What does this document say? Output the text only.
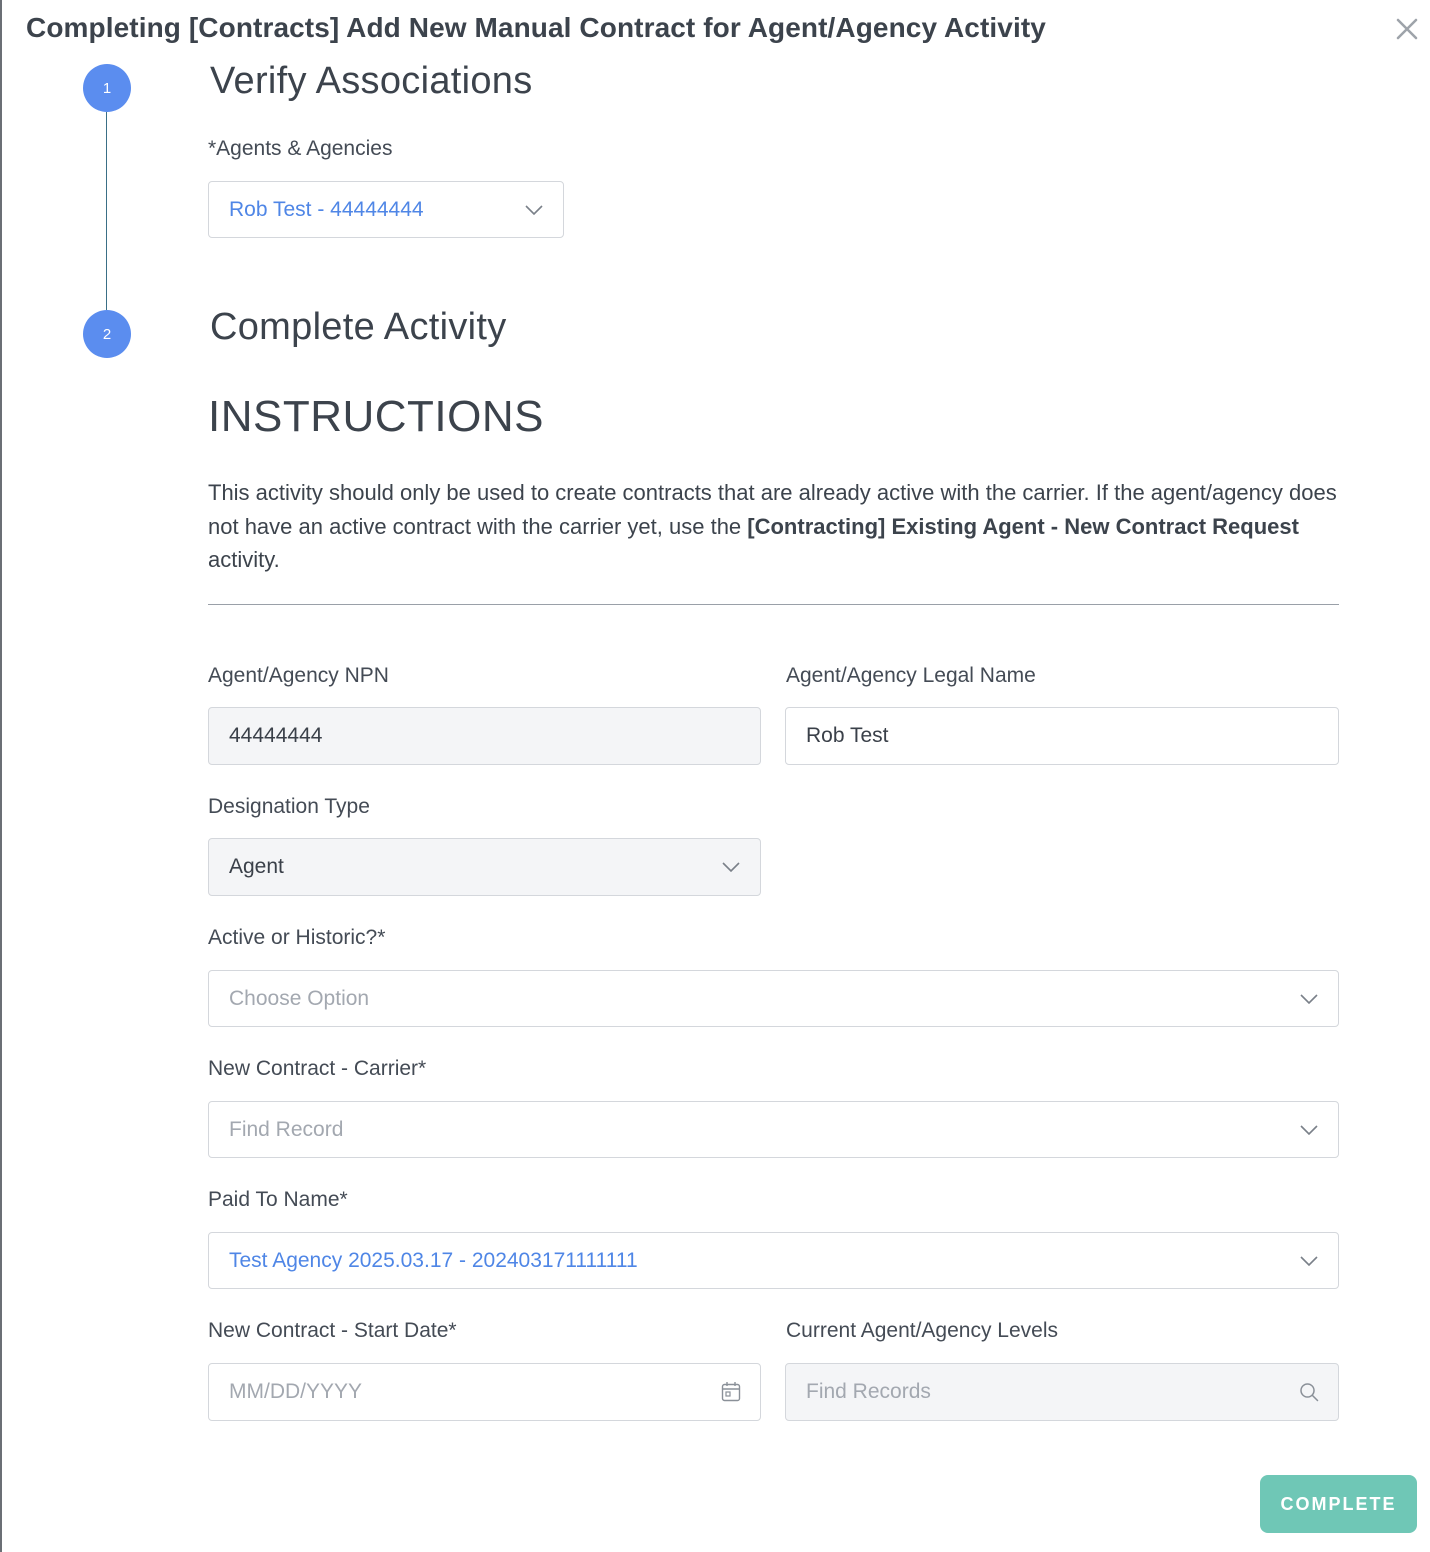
Completing [Contracts] Add New Manual Contract for Agent/Agency Activity
1
2
Verify Associations
*Agents & Agencies
Rob Test - 44444444
Complete Activity
INSTRUCTIONS
This activity should only be used to create contracts that are already active with the carrier. If the agent/agency does not have an active contract with the carrier yet, use the [Contracting] Existing Agent - New Contract Request activity.
Agent/Agency NPN
44444444
Agent/Agency Legal Name
Rob Test
Designation Type
Agent
Active or Historic?*
Choose Option
New Contract - Carrier*
Find Record
Paid To Name*
Test Agency 2025.03.17 - 202403171111111
New Contract - Start Date*
MM/DD/YYYY
Current Agent/Agency Levels
Find Records
COMPLETE
